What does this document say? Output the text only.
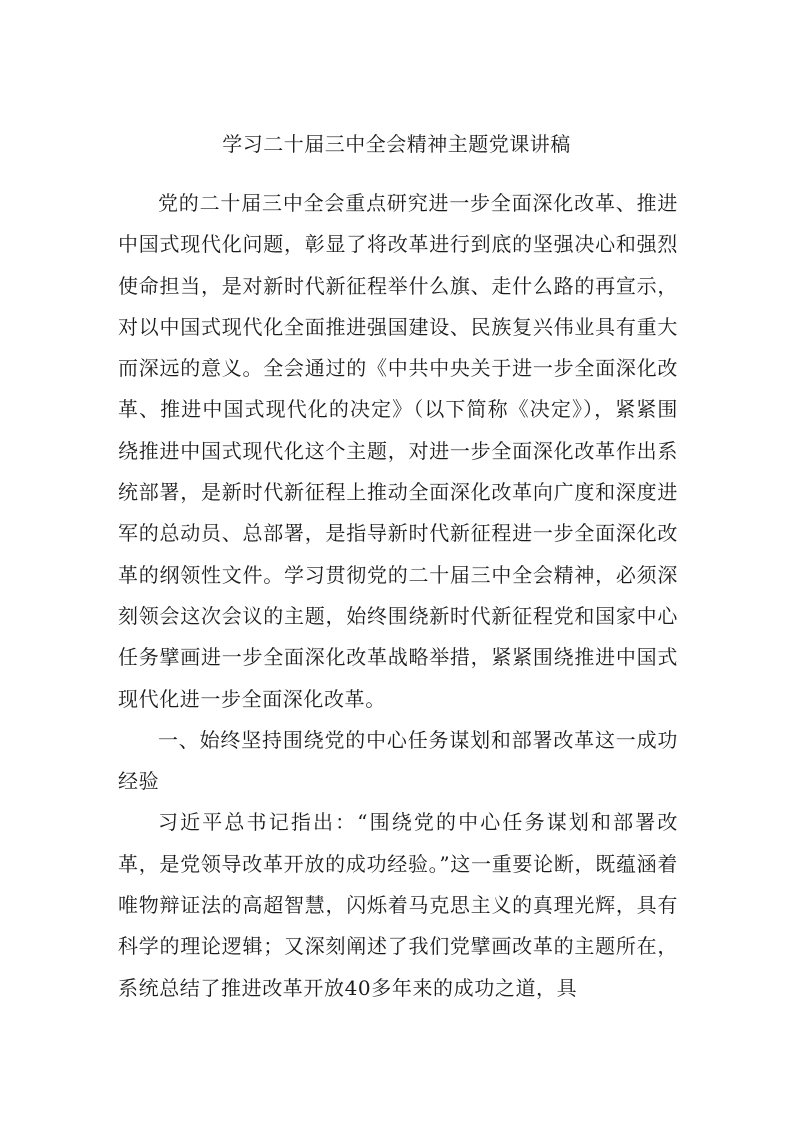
学习二十届三中全会精神主题党课讲稿

党的二十届三中全会重点研究进一步全面深化改革、推进中国式现代化问题，彰显了将改革进行到底的坚强决心和强烈使命担当，是对新时代新征程举什么旗、走什么路的再宣示，对以中国式现代化全面推进强国建设、民族复兴伟业具有重大而深远的意义。全会通过的《中共中央关于进一步全面深化改革、推进中国式现代化的决定》（以下简称《决定》），紧紧围绕推进中国式现代化这个主题，对进一步全面深化改革作出系统部署，是新时代新征程上推动全面深化改革向广度和深度进军的总动员、总部署，是指导新时代新征程进一步全面深化改革的纲领性文件。学习贯彻党的二十届三中全会精神，必须深刻领会这次会议的主题，始终围绕新时代新征程党和国家中心任务擘画进一步全面深化改革战略举措，紧紧围绕推进中国式现代化进一步全面深化改革。

一、始终坚持围绕党的中心任务谋划和部署改革这一成功经验

习近平总书记指出：“围绕党的中心任务谋划和部署改革，是党领导改革开放的成功经验。”这一重要论断，既蕴涵着唯物辩证法的高超智慧，闪烁着马克思主义的真理光辉，具有科学的理论逻辑；又深刻阐述了我们党擘画改革的主题所在，系统总结了推进改革开放40多年来的成功之道，具
